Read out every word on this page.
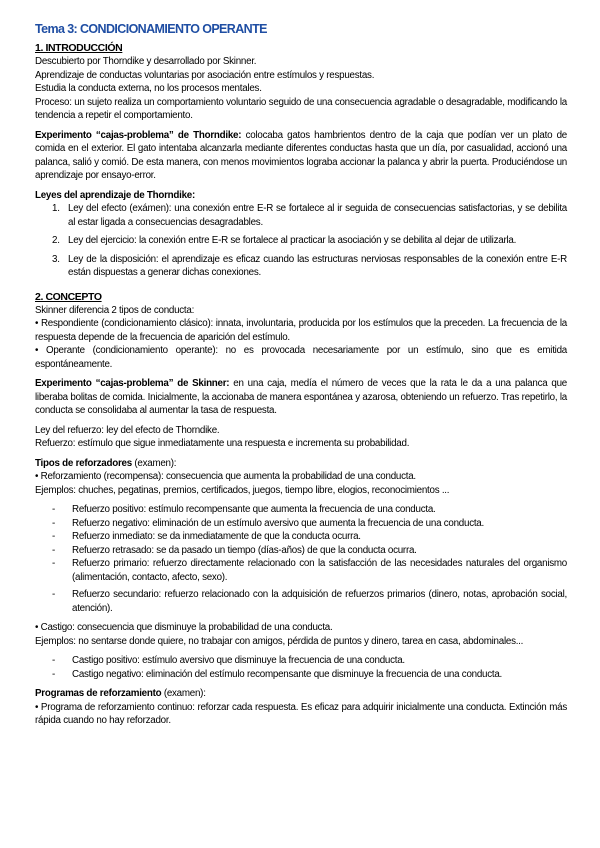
Tema 3: CONDICIONAMIENTO OPERANTE
1. INTRODUCCIÓN

Descubierto por Thorndike y desarrollado por Skinner.

Aprendizaje de conductas voluntarias por asociación entre estímulos y respuestas.

Estudia la conducta externa, no los procesos mentales.

Proceso: un sujeto realiza un comportamiento voluntario seguido de una consecuencia agradable o desagradable, modificando la tendencia a repetir el comportamiento.

Experimento “cajas-problema” de Thorndike: colocaba gatos hambrientos dentro de la caja que podían ver un plato de comida en el exterior. El gato intentaba alcanzarla mediante diferentes conductas hasta que un día, por casualidad, accionó una palanca, salió y comió. De esta manera, con menos movimientos lograba accionar la palanca y abrir la puerta. Produciéndose un aprendizaje por ensayo-error.

Leyes del aprendizaje de Thorndike:

1. Ley del efecto (exámen): una conexión entre E-R se fortalece al ir seguida de consecuencias satisfactorias, y se debilita al estar ligada a consecuencias desagradables.
2. Ley del ejercicio: la conexión entre E-R se fortalece al practicar la asociación y se debilita al dejar de utilizarla.
3. Ley de la disposición: el aprendizaje es eficaz cuando las estructuras nerviosas responsables de la conexión entre E-R están dispuestas a generar dichas conexiones.
2. CONCEPTO

Skinner diferencia 2 tipos de conducta:

• Respondiente (condicionamiento clásico): innata, involuntaria, producida por los estímulos que la preceden. La frecuencia de la respuesta depende de la frecuencia de aparición del estímulo.

• Operante (condicionamiento operante): no es provocada necesariamente por un estímulo, sino que es emitida espontáneamente.

Experimento “cajas-problema” de Skinner: en una caja, medía el número de veces que la rata le da a una palanca que liberaba bolitas de comida. Inicialmente, la accionaba de manera espontánea y azarosa, obteniendo un refuerzo. Tras repetirlo, la conducta se consolidaba al aumentar la tasa de respuesta.

Ley del refuerzo: ley del efecto de Thorndike.

Refuerzo: estímulo que sigue inmediatamente una respuesta e incrementa su probabilidad.

Tipos de reforzadores (examen):

• Reforzamiento (recompensa): consecuencia que aumenta la probabilidad de una conducta.

Ejemplos: chuches, pegatinas, premios, certificados, juegos, tiempo libre, elogios, reconocimientos ...

- Refuerzo positivo: estímulo recompensante que aumenta la frecuencia de una conducta.
- Refuerzo negativo: eliminación de un estímulo aversivo que aumenta la frecuencia de una conducta.
- Refuerzo inmediato: se da inmediatamente de que la conducta ocurra.
- Refuerzo retrasado: se da pasado un tiempo (días-años) de que la conducta ocurra.
- Refuerzo primario: refuerzo directamente relacionado con la satisfacción de las necesidades naturales del organismo (alimentación, contacto, afecto, sexo).
- Refuerzo secundario: refuerzo relacionado con la adquisición de refuerzos primarios (dinero, notas, aprobación social, atención).

• Castigo: consecuencia que disminuye la probabilidad de una conducta.

Ejemplos: no sentarse donde quiere, no trabajar con amigos, pérdida de puntos y dinero, tarea en casa, abdominales...

- Castigo positivo: estímulo aversivo que disminuye la frecuencia de una conducta.
- Castigo negativo: eliminación del estímulo recompensante que disminuye la frecuencia de una conducta.

Programas de reforzamiento (examen):

• Programa de reforzamiento continuo: reforzar cada respuesta. Es eficaz para adquirir inicialmente una conducta. Extinción más rápida cuando no hay reforzador.
